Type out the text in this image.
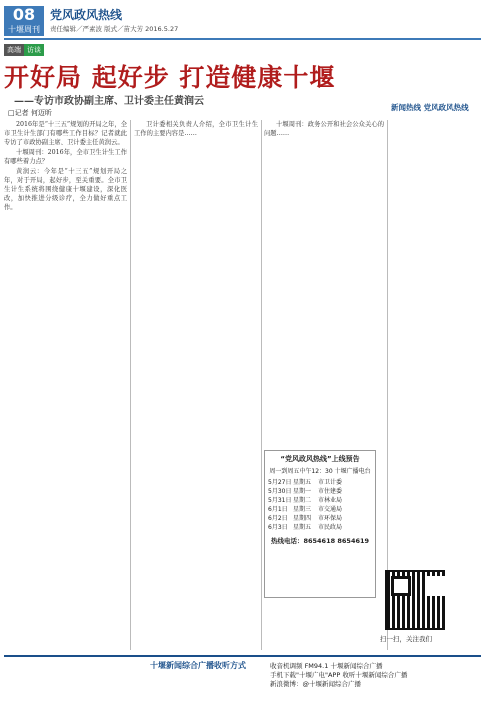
08
十堰周刊
党风政风热线
责任编辑／严素波 版式／苗大芳 2016.5.27
高端 访谈
开好局 起好步 打造健康十堰
——专访市政协副主席、卫计委主任黄润云
□记者 何迈昕

2016年是“十三五”规划的开局之年，全市卫生计生部门有哪些工作目标？记者就此专访了市政协副主席、卫计委主任黄润云。

十堰周刊：2016年，全市卫生计生工作有哪些着力点？

黄润云：今年是“十三五”规划开局之年，对于开局，起好步，至关重要。全市卫生计生系统将围绕健康十堰建设，深化医改，加快推进分级诊疗，全力做好重点工作。

卫计委相关负责人介绍，全市卫生计生工作的主要内容是……

十堰周刊：政务公开和社会公众关心的问题……

新闻热线 党风政风热线
“党风政风热线”上线预告
周一到周五中午12：30 十堰广播电台
5月27日 星期五	市卫计委
5月30日 星期一	市住建委
5月31日 星期二	市林业局
6月1日 星期三	市交通局
6月2日 星期四	市环保局
6月3日 星期五	市民政局
热线电话：8654618 8654619
扫一扫，关注我们
十堰新闻综合广播收听方式	收音机调频 FM94.1 十堰新闻综合广播
手机下载"十堰广电"APP 收听十堰新闻综合广播
新浪微博：@十堰新闻综合广播
